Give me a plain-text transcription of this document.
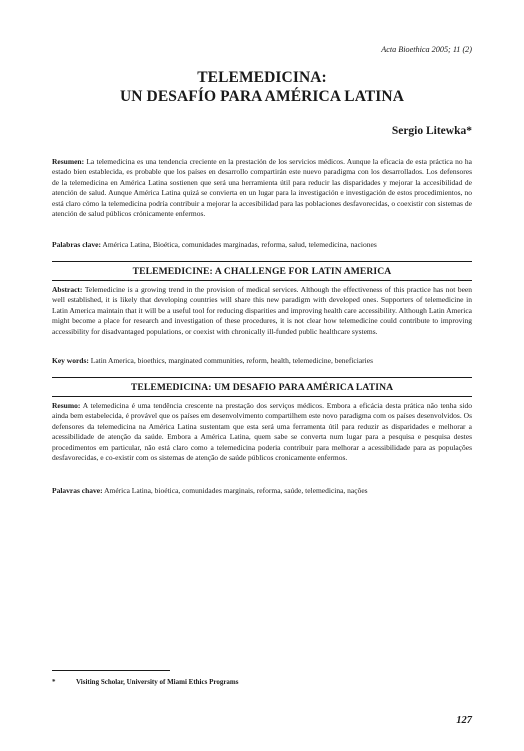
Acta Bioethica 2005; 11 (2)
TELEMEDICINA:
UN DESAFÍO PARA AMÉRICA LATINA
Sergio Litewka*
Resumen: La telemedicina es una tendencia creciente en la prestación de los servicios médicos. Aunque la eficacia de esta práctica no ha estado bien establecida, es probable que los países en desarrollo compartirán este nuevo paradigma con los desarrollados. Los defensores de la telemedicina en América Latina sostienen que será una herramienta útil para reducir las disparidades y mejorar la accesibilidad de atención de salud. Aunque América Latina quizá se convierta en un lugar para la investigación e investigación de estos procedimientos, no está claro cómo la telemedicina podría contribuir a mejorar la accesibilidad para las poblaciones desfavorecidas, o coexistir con sistemas de atención de salud públicos crónicamente enfermos.
Palabras clave: América Latina, Bioética, comunidades marginadas, reforma, salud, telemedicina, naciones
TELEMEDICINE: A CHALLENGE FOR LATIN AMERICA
Abstract: Telemedicine is a growing trend in the provision of medical services. Although the effectiveness of this practice has not been well established, it is likely that developing countries will share this new paradigm with developed ones. Supporters of telemedicine in Latin America maintain that it will be a useful tool for reducing disparities and improving health care accessibility. Although Latin America might become a place for research and investigation of these procedures, it is not clear how telemedicine could contribute to improving accessibility for disadvantaged populations, or coexist with chronically ill-funded public healthcare systems.
Key words: Latin America, bioethics, marginated communities, reform, health, telemedicine, beneficiaries
TELEMEDICINA: UM DESAFIO PARA AMÉRICA LATINA
Resumo: A telemedicina é uma tendência crescente na prestação dos serviços médicos. Embora a eficácia desta prática não tenha sido ainda bem estabelecida, é provável que os países em desenvolvimento compartilhem este novo paradigma com os países desenvolvidos. Os defensores da telemedicina na América Latina sustentam que esta será uma ferramenta útil para reduzir as disparidades e melhorar a acessibilidade de atenção da saúde. Embora a América Latina, quem sabe se converta num lugar para a pesquisa e pesquisa destes procedimentos em particular, não está claro como a telemedicina poderia contribuir para melhorar a acessibilidade para as populações desfavorecidas, e co-existir com os sistemas de atenção de saúde públicos cronicamente enfermos.
Palavras chave: América Latina, bioética, comunidades marginais, reforma, saúde, telemedicina, nações
*	Visiting Scholar, University of Miami Ethics Programs
127
